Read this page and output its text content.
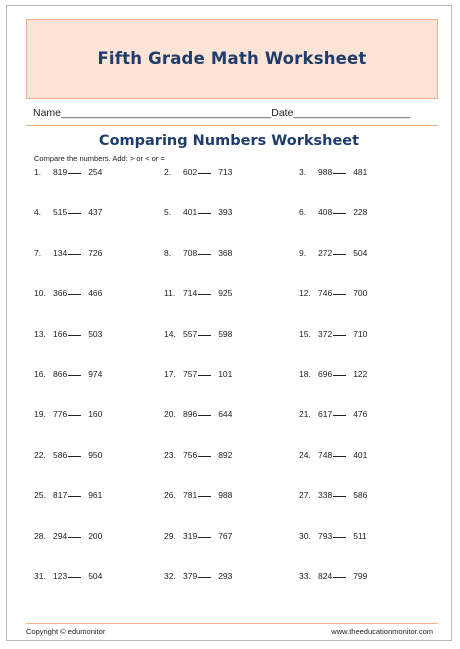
Fifth Grade Math Worksheet
Name____________________________________Date____________________
Comparing Numbers Worksheet
Compare the numbers. Add: > or < or =
1. 819 254	2. 602 713	3. 988 481
4. 515 437	5. 401 393	6. 408 228
7. 134 726	8. 708 368	9. 272 504
10. 366 466	11. 714 925	12. 746 700
13. 166 503	14. 557 598	15. 372 710
16. 866 974	17. 757 101	18. 696 122
19. 776 160	20. 896 644	21. 617 476
22. 586 950	23. 756 892	24. 748 401
25. 817 961	26. 781 988	27. 338 586
28. 294 200	29. 319 767	30. 793 511
31. 123 504	32. 379 293	33. 824 799
Copyright © edumonitor	www.theeducationmonitor.com
